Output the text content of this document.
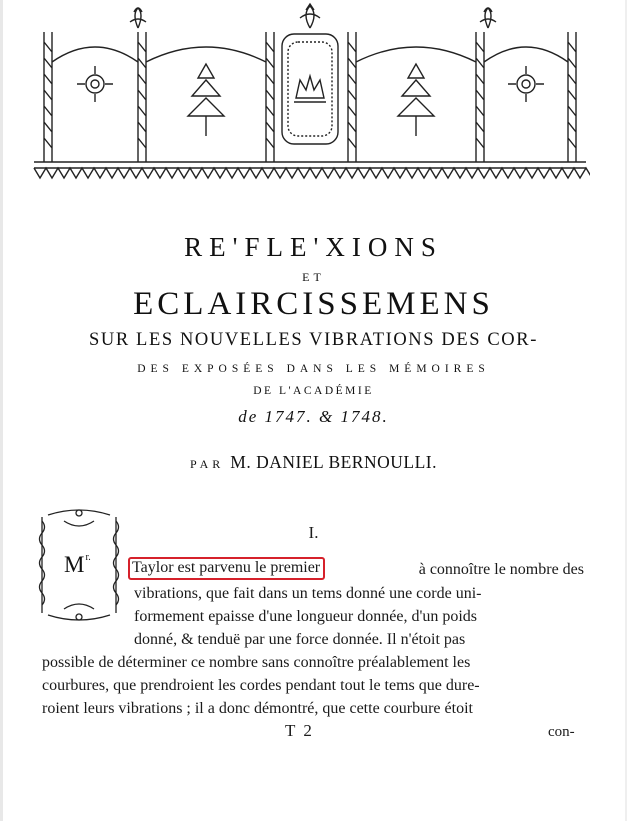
RE'FLE'XIONS
ET
ECLAIRCISSEMENS
SUR LES NOUVELLES VIBRATIONS DES COR-
DES EXPOSÉES DANS LES MÉMOIRES
DE L'ACADÉMIE
de 1747. & 1748.
PAR M. DANIEL BERNOULLI.
I.
$M^{r.}$
Taylor est parvenu le premier	à connoître le nombre des
vibrations, que fait dans un tems donné une corde uni-
formement epaisse d'une longueur donnée, d'un poids
donné, & tenduë par une force donnée. Il n'étoit pas
possible de déterminer ce nombre sans connoître préalablement les
courbures, que prendroient les cordes pendant tout le tems que dure-
roient leurs vibrations ; il a donc démontré, que cette courbure étoit
T 2	con-
